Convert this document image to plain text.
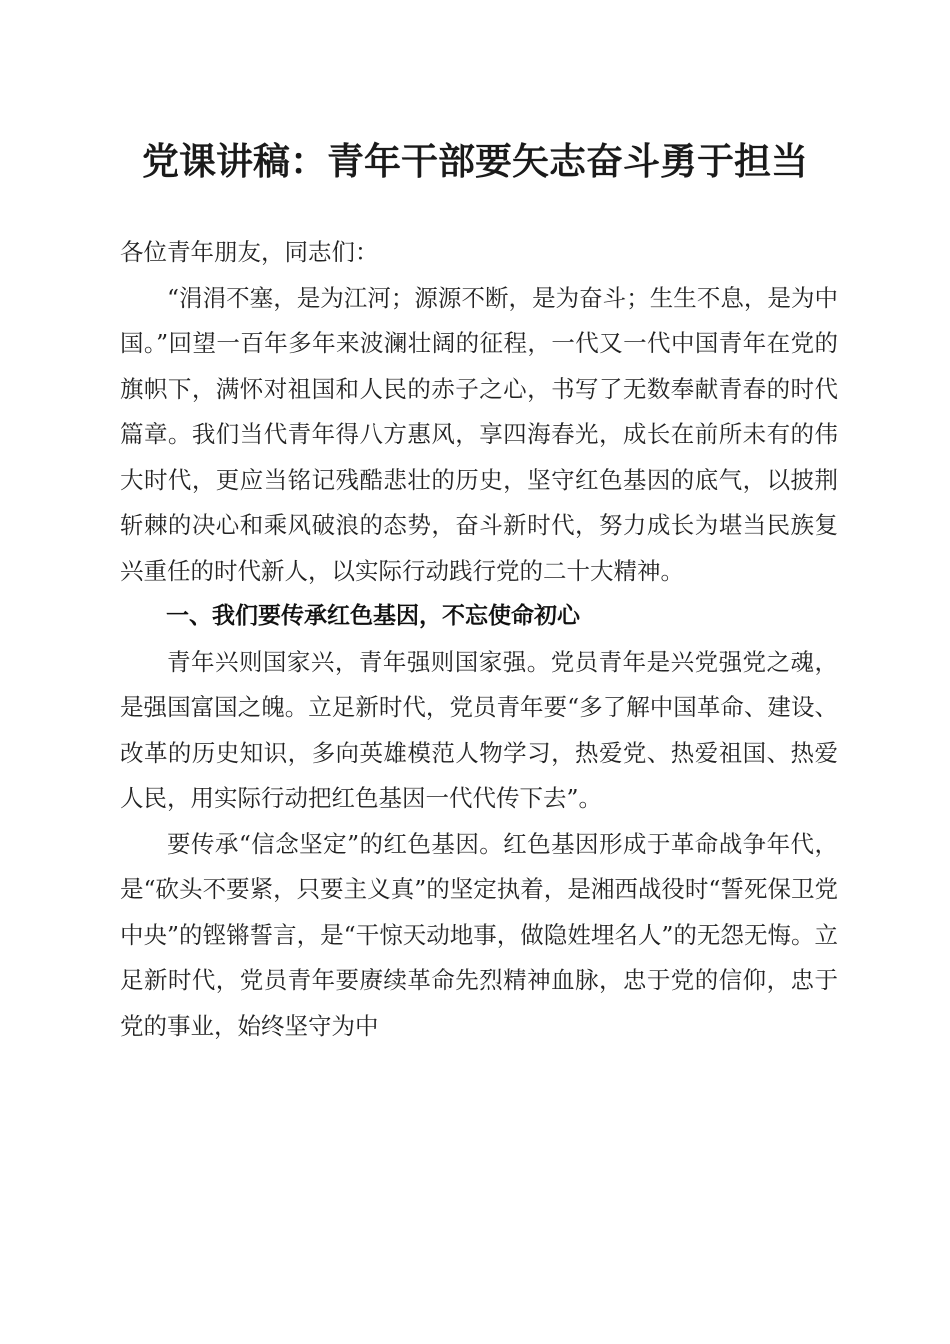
党课讲稿：青年干部要矢志奋斗勇于担当

各位青年朋友，同志们：

“涓涓不塞，是为江河；源源不断，是为奋斗；生生不息，是为中国。”回望一百年多年来波澜壮阔的征程，一代又一代中国青年在党的旗帜下，满怀对祖国和人民的赤子之心，书写了无数奉献青春的时代篇章。我们当代青年得八方惠风，享四海春光，成长在前所未有的伟大时代，更应当铭记残酷悲壮的历史，坚守红色基因的底气，以披荆斩棘的决心和乘风破浪的态势，奋斗新时代，努力成长为堪当民族复兴重任的时代新人，以实际行动践行党的二十大精神。

一、我们要传承红色基因，不忘使命初心

青年兴则国家兴，青年强则国家强。党员青年是兴党强党之魂，是强国富国之魄。立足新时代，党员青年要“多了解中国革命、建设、改革的历史知识，多向英雄模范人物学习，热爱党、热爱祖国、热爱人民，用实际行动把红色基因一代代传下去”。

要传承“信念坚定”的红色基因。红色基因形成于革命战争年代，是“砍头不要紧，只要主义真”的坚定执着，是湘西战役时“誓死保卫党中央”的铿锵誓言，是“干惊天动地事，做隐姓埋名人”的无怨无悔。立足新时代，党员青年要赓续革命先烈精神血脉，忠于党的信仰，忠于党的事业，始终坚守为中
